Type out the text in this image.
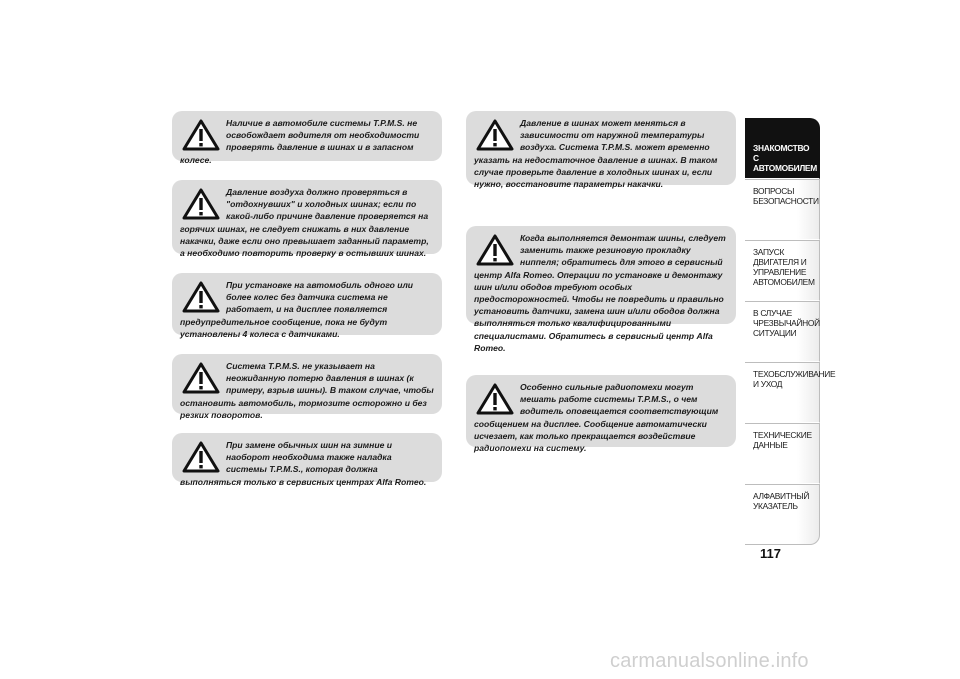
Наличие в автомобиле системы T.P.M.S. не освобождает водителя от необходимости проверять давление в шинах и в запасном колесе.

Давление воздуха должно проверяться в "отдохнувших" и холодных шинах; если по какой-либо причине давление проверяется на горячих шинах, не следует снижать в них давление накачки, даже если оно превышает заданный параметр, а необходимо повторить проверку в остывших шинах.

При установке на автомобиль одного или более колес без датчика система не работает, и на дисплее появляется предупредительное сообщение, пока не будут установлены 4 колеса с датчиками.

Система T.P.M.S. не указывает на неожиданную потерю давления в шинах (к примеру, взрыв шины). В таком случае, чтобы остановить автомобиль, тормозите осторожно и без резких поворотов.

При замене обычных шин на зимние и наоборот необходима также наладка системы T.P.M.S., которая должна выполняться только в сервисных центрах Alfa Romeo.

Давление в шинах может меняться в зависимости от наружной температуры воздуха. Система T.P.M.S. может временно указать на недостаточное давление в шинах. В таком случае проверьте давление в холодных шинах и, если нужно, восстановите параметры накачки.

Когда выполняется демонтаж шины, следует заменить также резиновую прокладку ниппеля; обратитесь для этого в сервисный центр Alfa Romeo. Операции по установке и демонтажу шин и/или ободов требуют особых предосторожностей. Чтобы не повредить и правильно установить датчики, замена шин и/или ободов должна выполняться только квалифицированными специалистами. Обратитесь в сервисный центр Alfa Romeo.

Особенно сильные радиопомехи могут мешать работе системы T.P.M.S., о чем водитель оповещается соответствующим сообщением на дисплее. Сообщение автоматически исчезает, как только прекращается воздействие радиопомехи на систему.

ЗНАКОМСТВО С АВТОМОБИЛЕМ
ВОПРОСЫ БЕЗОПАСНОСТИ
ЗАПУСК ДВИГАТЕЛЯ И УПРАВЛЕНИЕ АВТОМОБИЛЕМ
В СЛУЧАЕ ЧРЕЗВЫЧАЙНОЙ СИТУАЦИИ
ТЕХОБСЛУЖИВАНИЕ И УХОД
ТЕХНИЧЕСКИЕ ДАННЫЕ
АЛФАВИТНЫЙ УКАЗАТЕЛЬ
117
carmanualsonline.info
